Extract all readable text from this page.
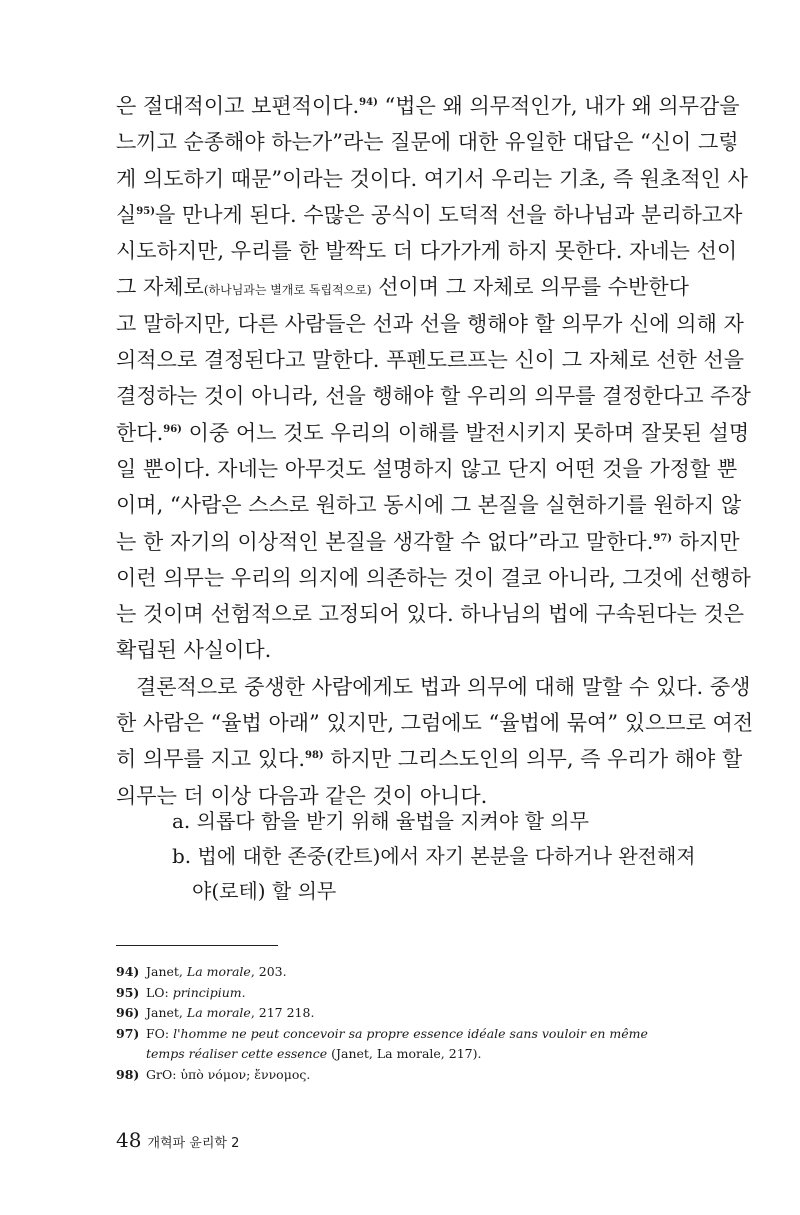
은 절대적이고 보편적이다.$^{94)}$ “법은 왜 의무적인가, 내가 왜 의무감을
느끼고 순종해야 하는가”라는 질문에 대한 유일한 대답은 “신이 그렇
게 의도하기 때문”이라는 것이다. 여기서 우리는 기초, 즉 원초적인 사
실$^{95)}$을 만나게 된다. 수많은 공식이 도덕적 선을 하나님과 분리하고자
시도하지만, 우리를 한 발짝도 더 다가가게 하지 못한다. 자네는 선이
그 자체로(하나님과는 별개로 독립적으로) 선이며 그 자체로 의무를 수반한다
고 말하지만, 다른 사람들은 선과 선을 행해야 할 의무가 신에 의해 자
의적으로 결정된다고 말한다. 푸펜도르프는 신이 그 자체로 선한 선을
결정하는 것이 아니라, 선을 행해야 할 우리의 의무를 결정한다고 주장
한다.$^{96)}$ 이중 어느 것도 우리의 이해를 발전시키지 못하며 잘못된 설명
일 뿐이다. 자네는 아무것도 설명하지 않고 단지 어떤 것을 가정할 뿐
이며, “사람은 스스로 원하고 동시에 그 본질을 실현하기를 원하지 않
는 한 자기의 이상적인 본질을 생각할 수 없다”라고 말한다.$^{97)}$ 하지만
이런 의무는 우리의 의지에 의존하는 것이 결코 아니라, 그것에 선행하
는 것이며 선험적으로 고정되어 있다. 하나님의 법에 구속된다는 것은
확립된 사실이다.
결론적으로 중생한 사람에게도 법과 의무에 대해 말할 수 있다. 중생
한 사람은 “율법 아래” 있지만, 그럼에도 “율법에 묶여” 있으므로 여전
히 의무를 지고 있다.$^{98)}$ 하지만 그리스도인의 의무, 즉 우리가 해야 할
의무는 더 이상 다음과 같은 것이 아니다.
a. 의롭다 함을 받기 위해 율법을 지켜야 할 의무
b. 법에 대한 존중(칸트)에서 자기 본분을 다하거나 완전해져
야(로테) 할 의무
94) Janet, La morale, 203.
95) LO: principium.
96) Janet, La morale, 217 218.
97) FO: l'homme ne peut concevoir sa propre essence idéale sans vouloir en même temps réaliser cette essence (Janet, La morale, 217).
98) GrO: ὑπὸ νόμον; ἔννομος.
48 개혁파 윤리학 2
